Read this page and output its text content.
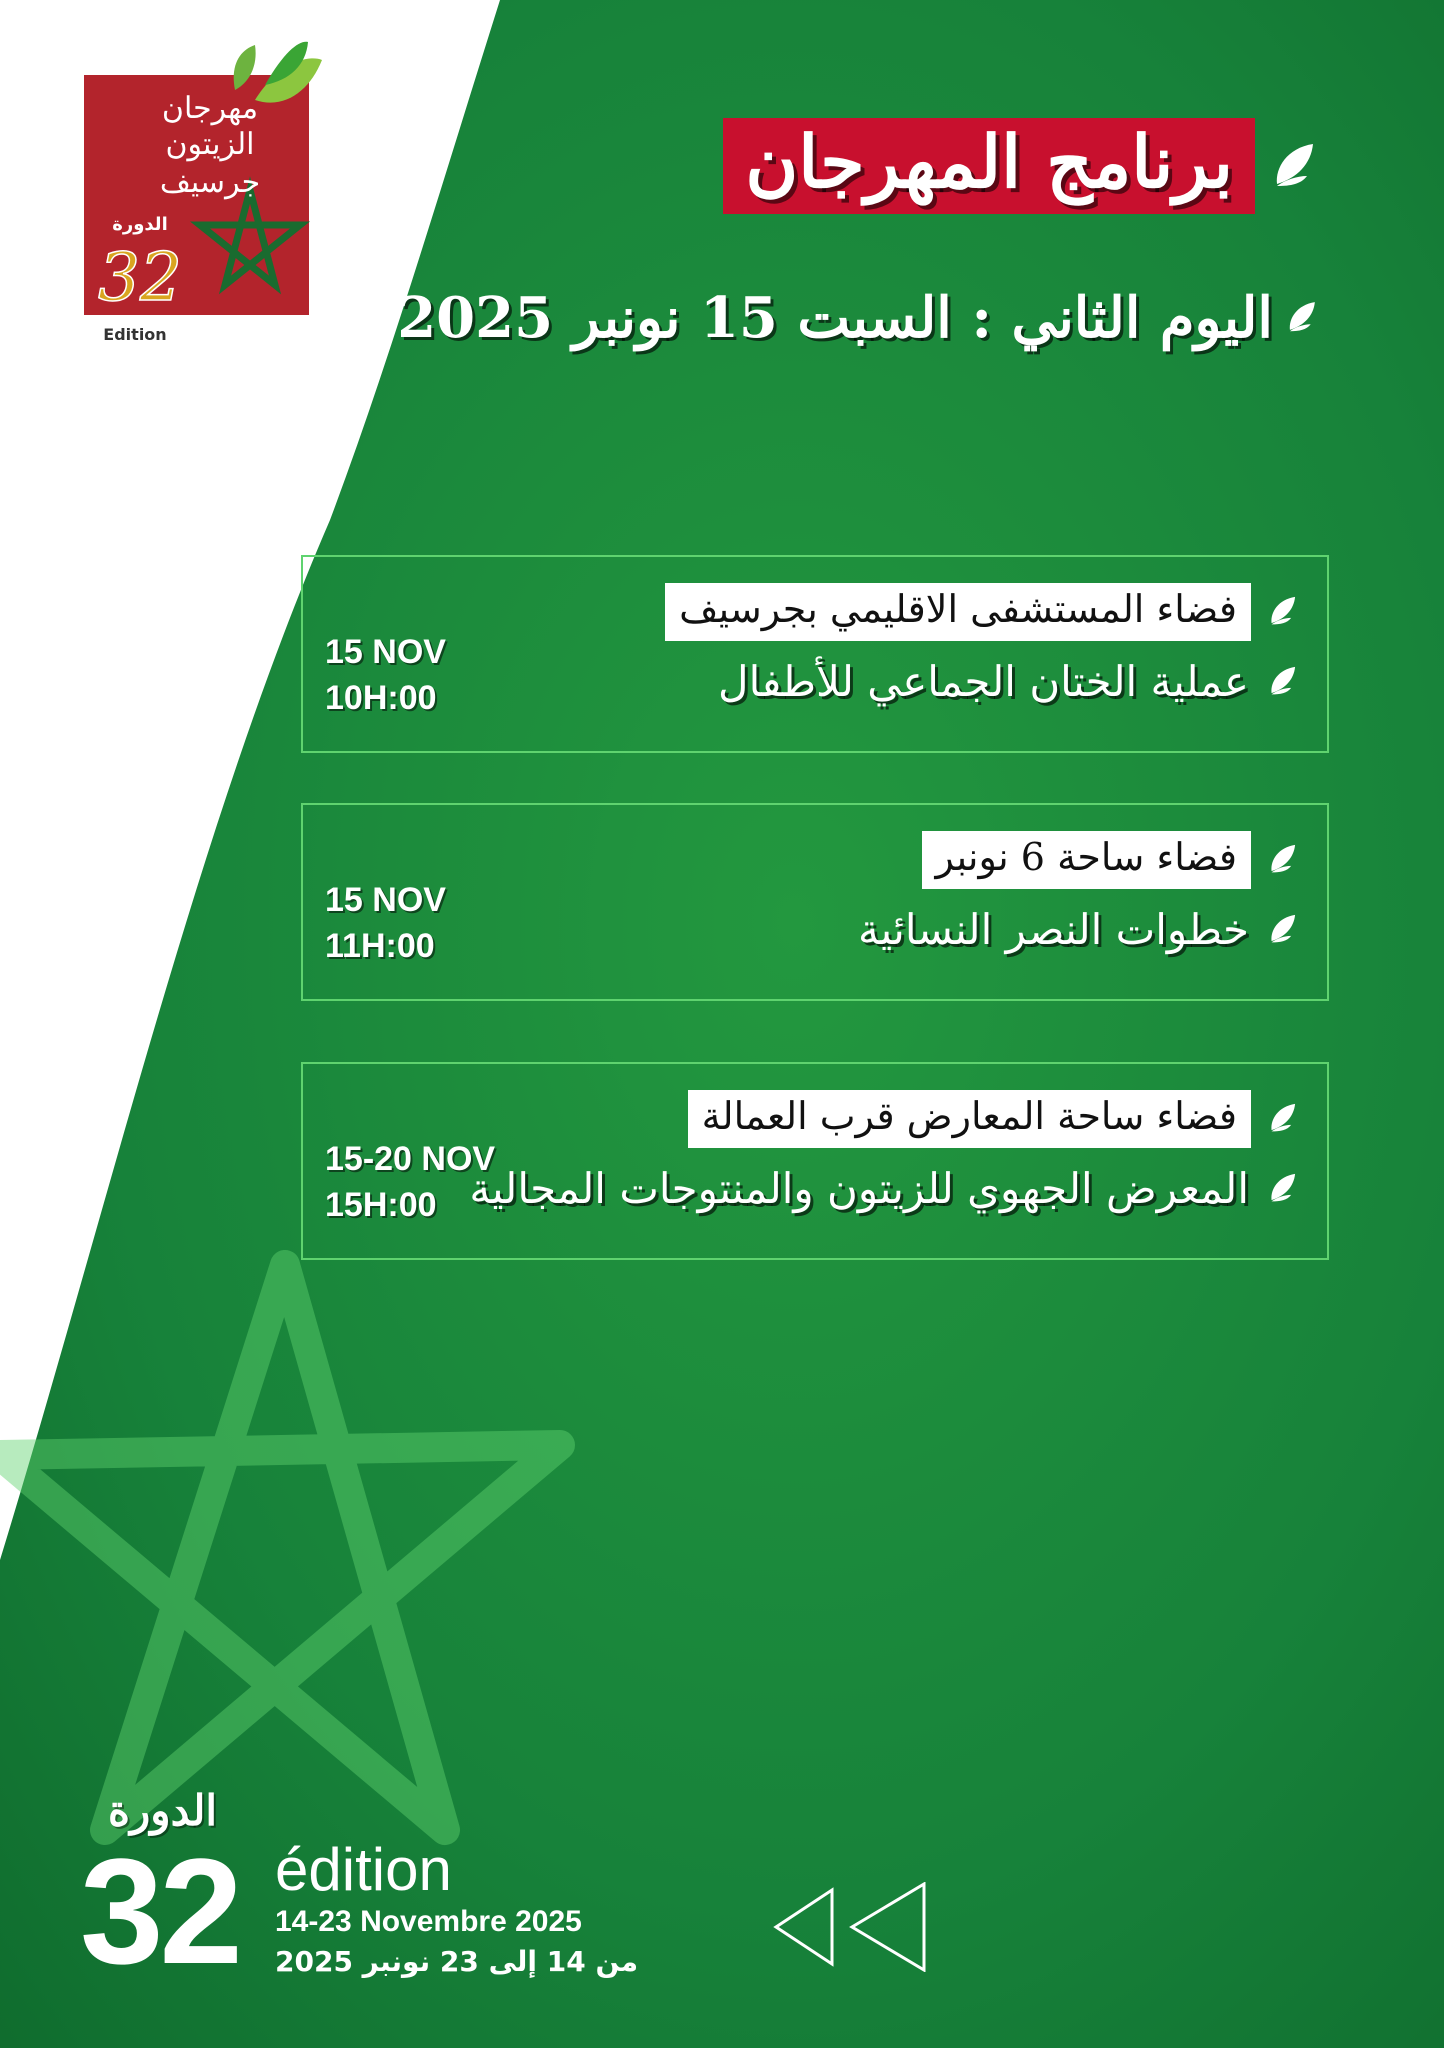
مهرجان
الزيتون
جرسيف
الدورة
32
Edition
برنامج المهرجان
اليوم الثاني : السبت 15 نونبر 2025
15 NOV
10H:00
فضاء المستشفى الاقليمي بجرسيف
عملية الختان الجماعي للأطفال
15 NOV
11H:00
فضاء ساحة 6 نونبر
خطوات النصر النسائية
15-20 NOV
15H:00
فضاء ساحة المعارض قرب العمالة
المعرض الجهوي للزيتون والمنتوجات المجالية
الدورة
32 édition
14-23 Novembre 2025
من 14 إلى 23 نونبر 2025
